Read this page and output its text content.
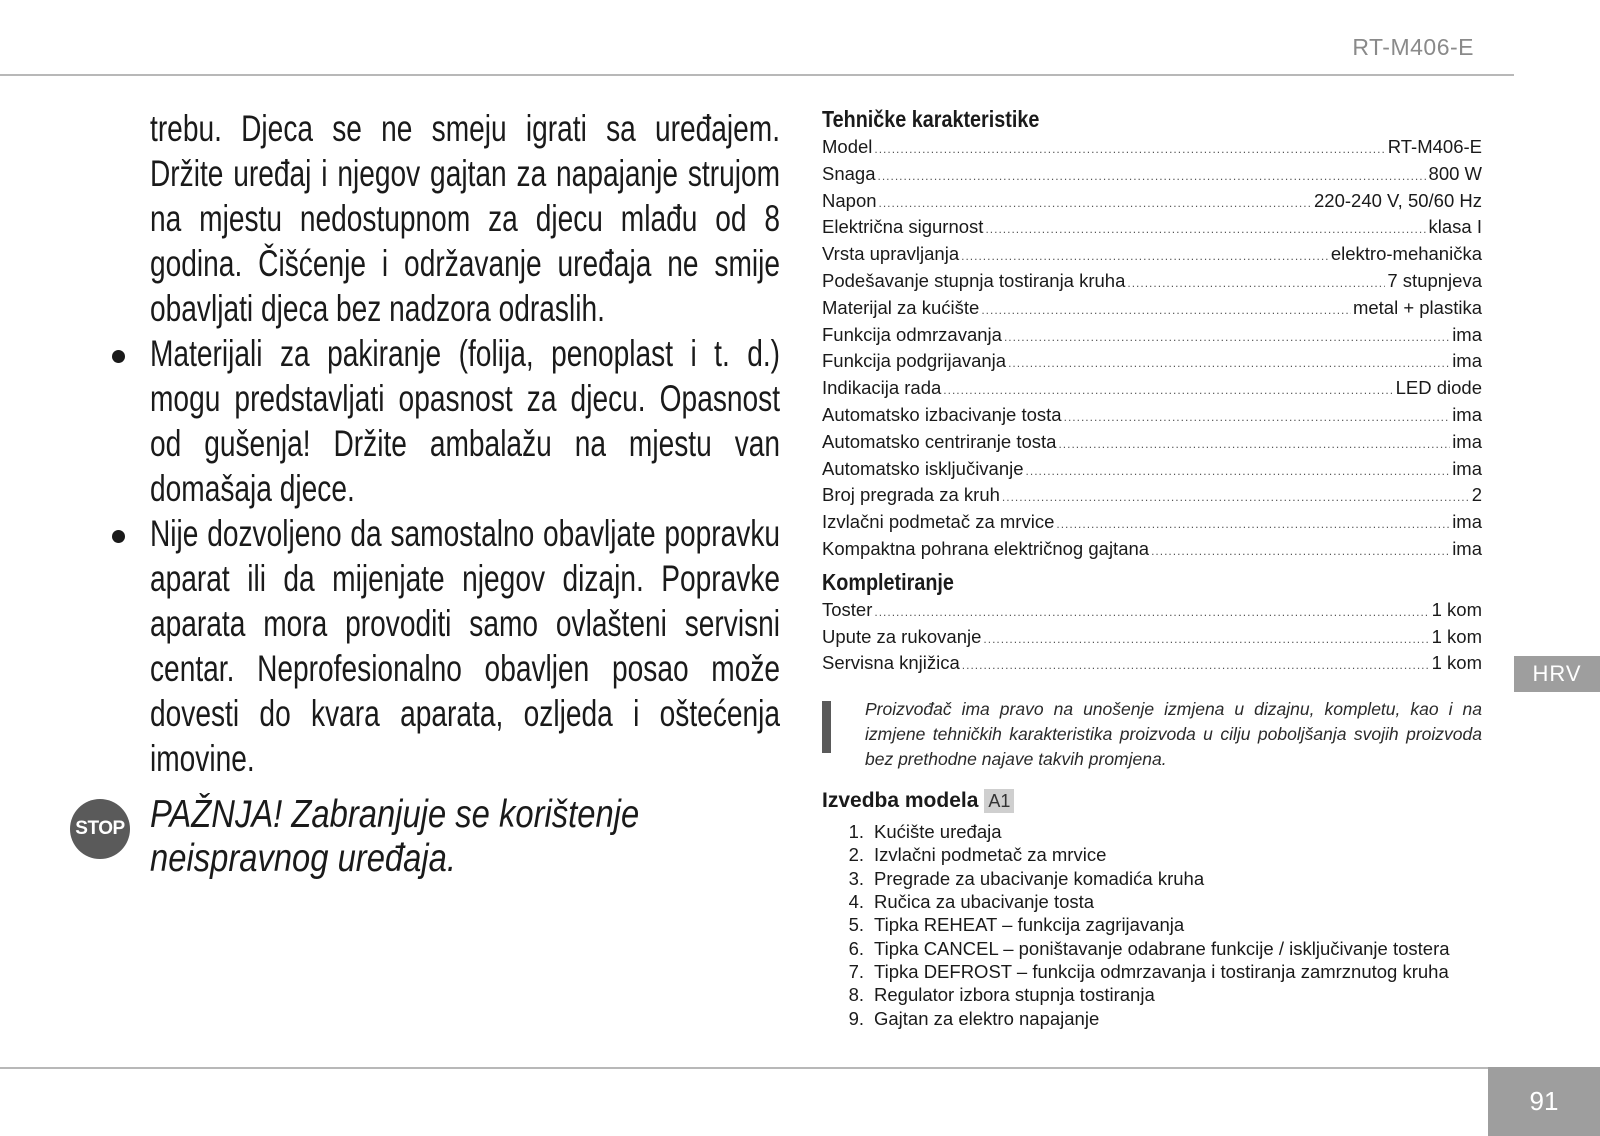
RT-M406-E

trebu. Djeca se ne smeju igrati sa uređajem. Držite uređaj i njegov gajtan za napajanje strujom na mjestu nedostupnom za djecu mlađu od 8 godina. Čišćenje i održavanje uređaja ne smije obavljati djeca bez nadzora odraslih.

Materijali za pakiranje (folija, penoplast i t. d.) mogu predstavljati opasnost za djecu. Opasnost od gušenja! Držite ambalažu na mjestu van domašaja djece.

Nije dozvoljeno da samostalno obavljate popravku aparat ili da mijenjate njegov dizajn. Popravke aparata mora provoditi samo ovlašteni servisni centar. Neprofesionalno obavljen posao može dovesti do kvara aparata, ozljeda i oštećenja imovine.

STOP PAŽNJA! Zabranjuje se korištenje neispravnog uređaja.

Tehničke karakteristike
Model .....	RT-M406-E
Snaga .....	800 W
Napon .....	220-240 V, 50/60 Hz
Električna sigurnost .....	klasa I
Vrsta upravljanja .....	elektro-mehanička
Podešavanje stupnja tostiranja kruha .....	7 stupnjeva
Materijal za kućište .....	metal + plastika
Funkcija odmrzavanja .....	ima
Funkcija podgrijavanja .....	ima
Indikacija rada .....	LED diode
Automatsko izbacivanje tosta .....	ima
Automatsko centriranje tosta .....	ima
Automatsko isključivanje .....	ima
Broj pregrada za kruh .....	2
Izvlačni podmetač za mrvice .....	ima
Kompaktna pohrana električnog gajtana .....	ima
Kompletiranje
Toster .....	1 kom
Upute za rukovanje .....	1 kom
Servisna knjižica .....	1 kom
Proizvođač ima pravo na unošenje izmjena u dizajnu, kompletu, kao i na izmjene tehničkih karakteristika proizvoda u cilju poboljšanja svojih proizvoda bez prethodne najave takvih promjena.
Izvedba modela A1
1. Kućište uređaja
2. Izvlačni podmetač za mrvice
3. Pregrade za ubacivanje komadića kruha
4. Ručica za ubacivanje tosta
5. Tipka REHEAT – funkcija zagrijavanja
6. Tipka CANCEL – poništavanje odabrane funkcije / isključivanje tostera
7. Tipka DEFROST – funkcija odmrzavanja i tostiranja zamrznutog kruha
8. Regulator izbora stupnja tostiranja
9. Gajtan za elektro napajanje
HRV
91
